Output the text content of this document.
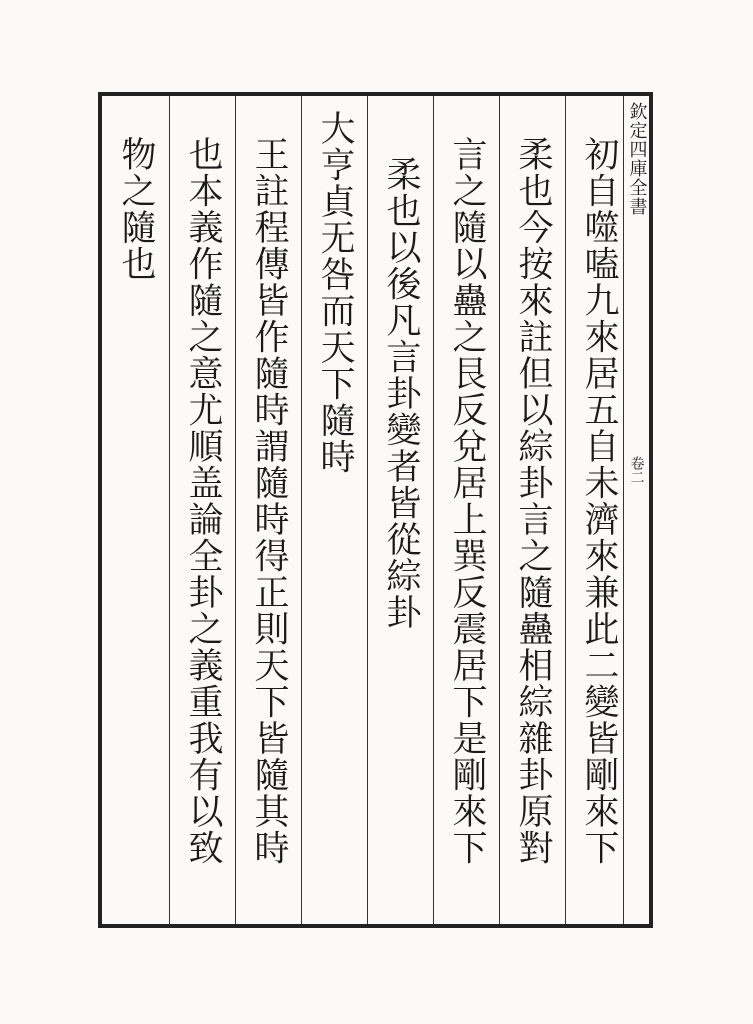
欽定四庫全書
卷二
初自噬嗑九來居五自未濟來兼此二變皆剛來下
柔也今按來註但以綜卦言之隨蠱相綜雜卦原對
言之隨以蠱之艮反兌居上巽反震居下是剛來下
柔也以後凡言卦變者皆從綜卦
大亨貞无咎而天下隨時
王註程傳皆作隨時謂隨時得正則天下皆隨其時
也本義作隨之意尤順盖論全卦之義重我有以致
物之隨也
